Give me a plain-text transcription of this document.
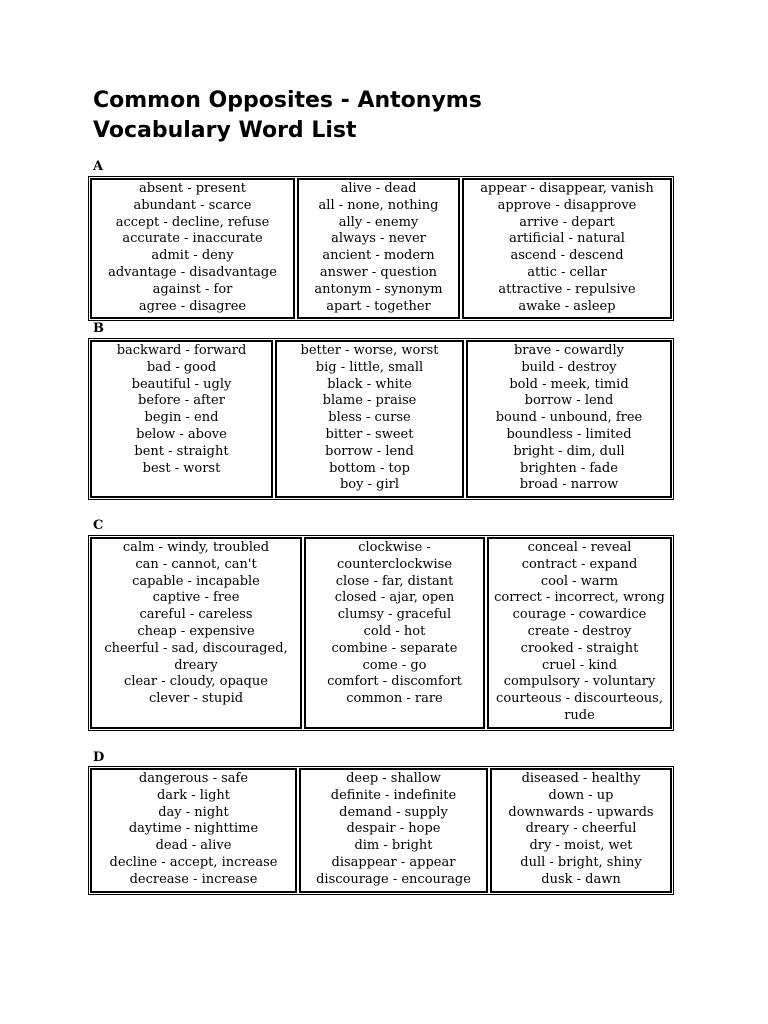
Common Opposites - Antonyms
Vocabulary Word List
A
absent - present
abundant - scarce
accept - decline, refuse
accurate - inaccurate
admit - deny
advantage - disadvantage
against - for
agree - disagree
alive - dead
all - none, nothing
ally - enemy
always - never
ancient - modern
answer - question
antonym - synonym
apart - together
appear - disappear, vanish
approve - disapprove
arrive - depart
artificial - natural
ascend - descend
attic - cellar
attractive - repulsive
awake - asleep
B
backward - forward
bad - good
beautiful - ugly
before - after
begin - end
below - above
bent - straight
best - worst
better - worse, worst
big - little, small
black - white
blame - praise
bless - curse
bitter - sweet
borrow - lend
bottom - top
boy - girl
brave - cowardly
build - destroy
bold - meek, timid
borrow - lend
bound - unbound, free
boundless - limited
bright - dim, dull
brighten - fade
broad - narrow
C
calm - windy, troubled
can - cannot, can't
capable - incapable
captive - free
careful - careless
cheap - expensive
cheerful - sad, discouraged,
dreary
clear - cloudy, opaque
clever - stupid
clockwise -
counterclockwise
close - far, distant
closed - ajar, open
clumsy - graceful
cold - hot
combine - separate
come - go
comfort - discomfort
common - rare
conceal - reveal
contract - expand
cool - warm
correct - incorrect, wrong
courage - cowardice
create - destroy
crooked - straight
cruel - kind
compulsory - voluntary
courteous - discourteous,
rude
D
dangerous - safe
dark - light
day - night
daytime - nighttime
dead - alive
decline - accept, increase
decrease - increase
deep - shallow
definite - indefinite
demand - supply
despair - hope
dim - bright
disappear - appear
discourage - encourage
diseased - healthy
down - up
downwards - upwards
dreary - cheerful
dry - moist, wet
dull - bright, shiny
dusk - dawn
